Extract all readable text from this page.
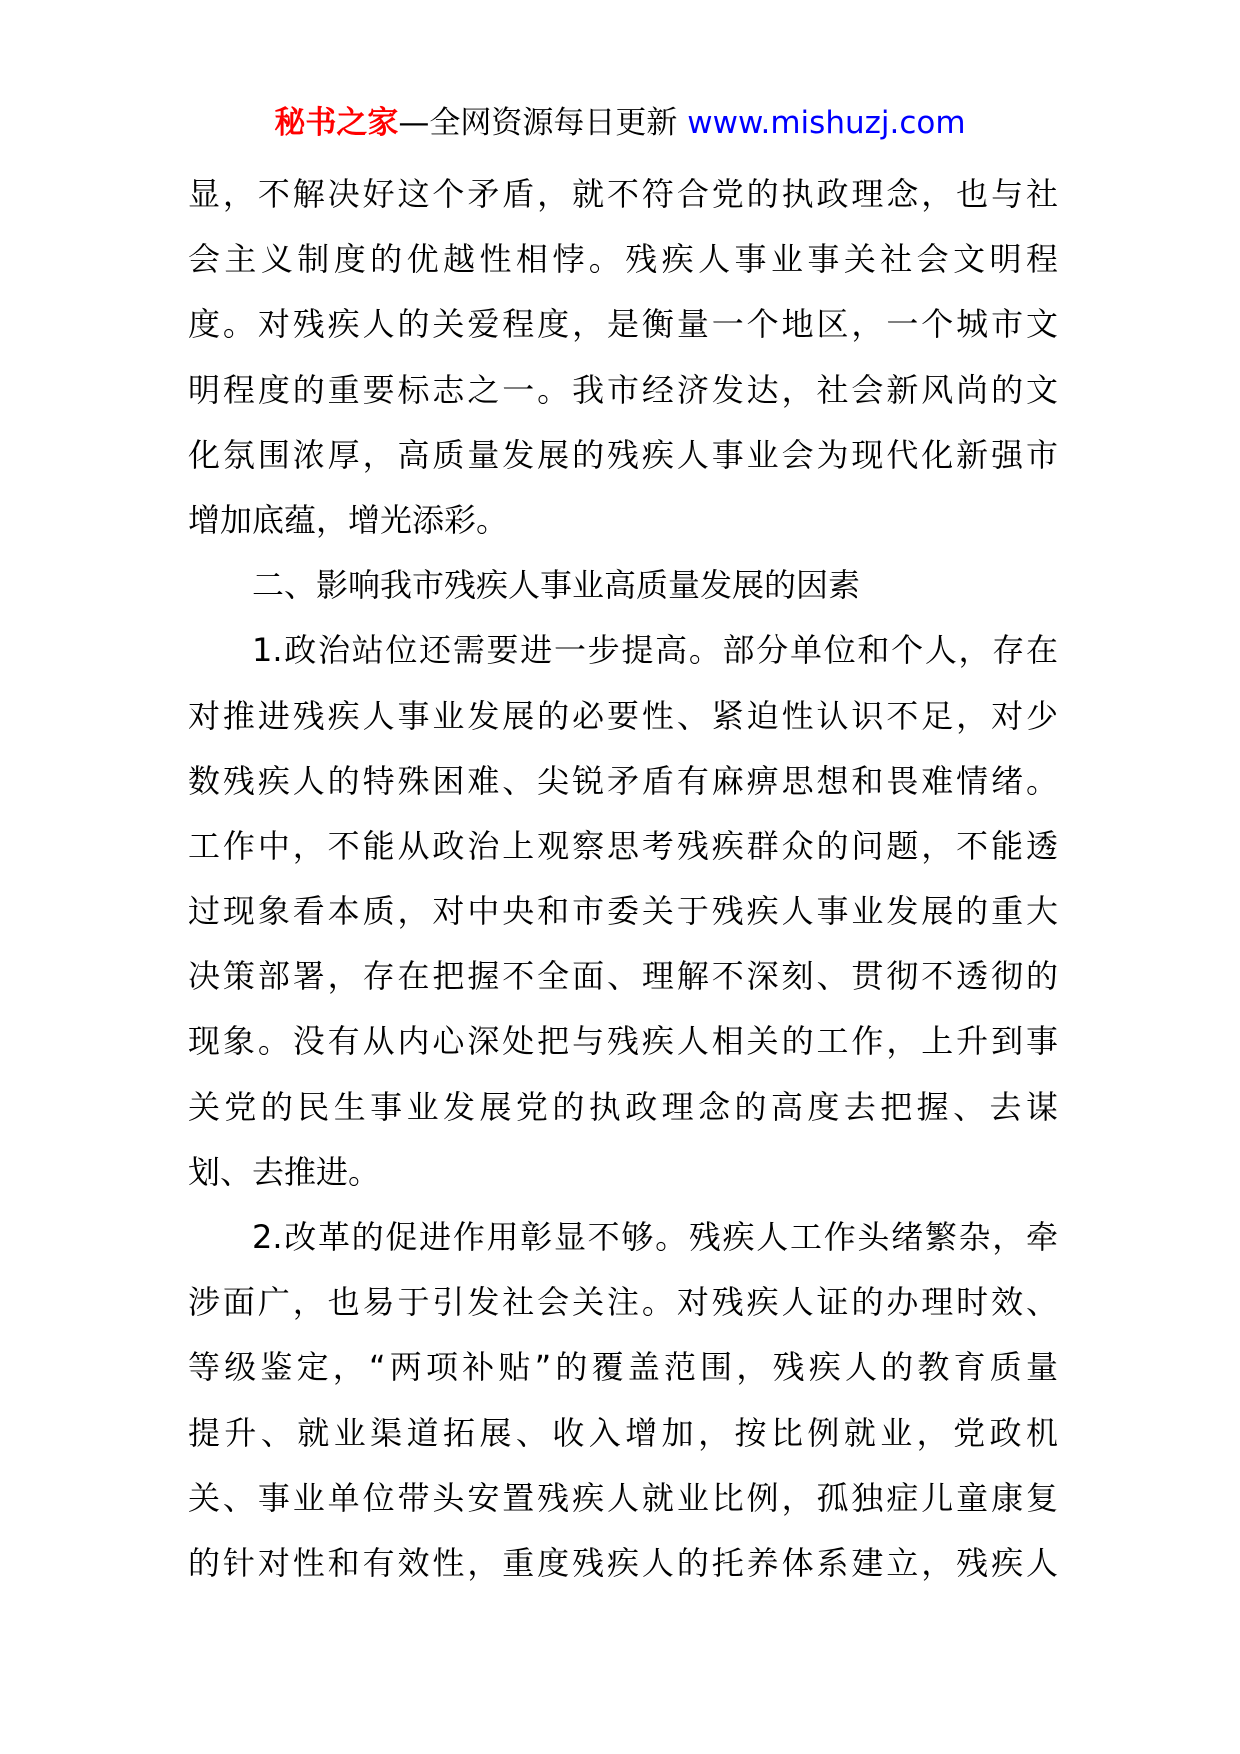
秘书之家—全网资源每日更新 www.mishuzj.com
显，不解决好这个矛盾，就不符合党的执政理念，也与社
会主义制度的优越性相悖。残疾人事业事关社会文明程
度。对残疾人的关爱程度，是衡量一个地区，一个城市文
明程度的重要标志之一。我市经济发达，社会新风尚的文
化氛围浓厚，高质量发展的残疾人事业会为现代化新强市
增加底蕴，增光添彩。
二、影响我市残疾人事业高质量发展的因素
1.政治站位还需要进一步提高。部分单位和个人，存在
对推进残疾人事业发展的必要性、紧迫性认识不足，对少
数残疾人的特殊困难、尖锐矛盾有麻痹思想和畏难情绪。
工作中，不能从政治上观察思考残疾群众的问题，不能透
过现象看本质，对中央和市委关于残疾人事业发展的重大
决策部署，存在把握不全面、理解不深刻、贯彻不透彻的
现象。没有从内心深处把与残疾人相关的工作，上升到事
关党的民生事业发展党的执政理念的高度去把握、去谋
划、去推进。
2.改革的促进作用彰显不够。残疾人工作头绪繁杂，牵
涉面广，也易于引发社会关注。对残疾人证的办理时效、
等级鉴定，“两项补贴”的覆盖范围，残疾人的教育质量
提升、就业渠道拓展、收入增加，按比例就业，党政机
关、事业单位带头安置残疾人就业比例，孤独症儿童康复
的针对性和有效性，重度残疾人的托养体系建立，残疾人
